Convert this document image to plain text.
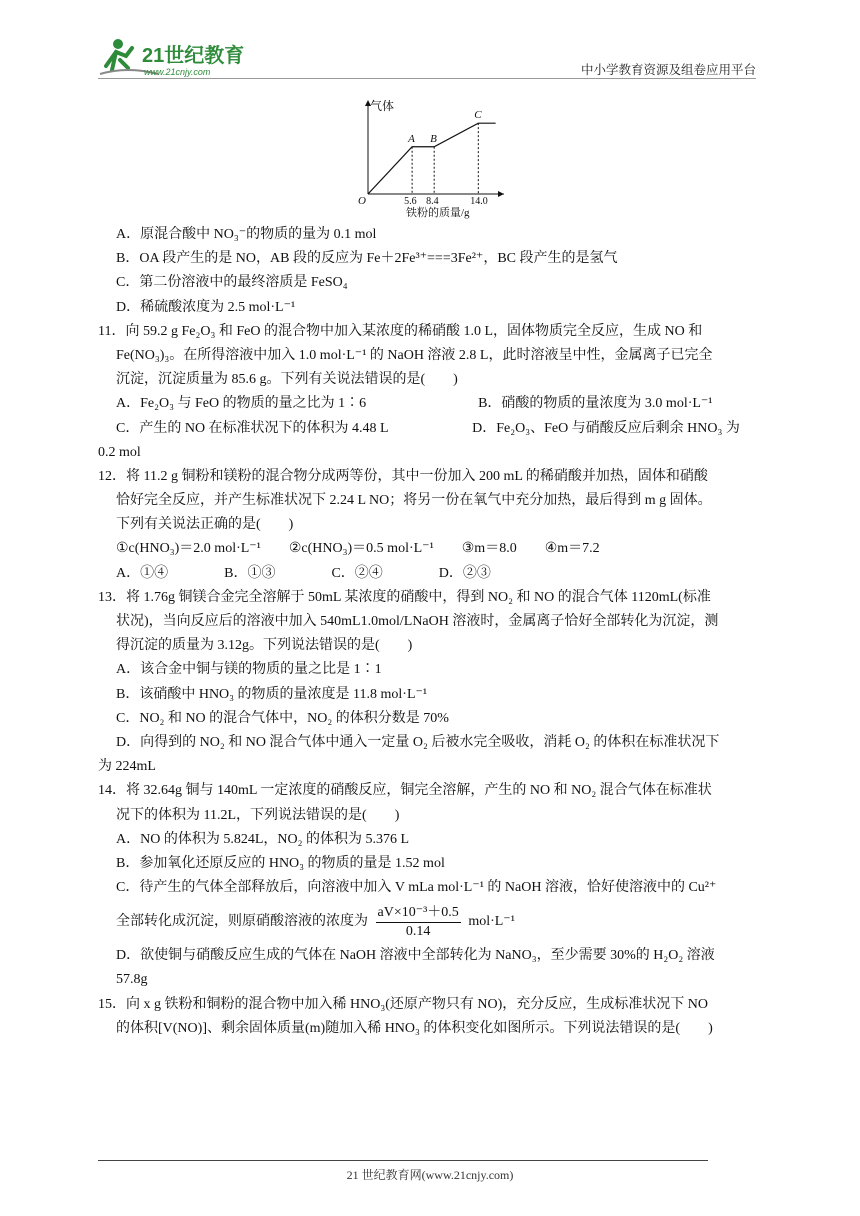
21世纪教育
www.21cnjy.com	中小学教育资源及组卷应用平台
气体
O
A B
C
5.6 8.4	14.0
铁粉的质量/g
A．原混合酸中 NO₃⁻的物质的量为 0.1 mol
B．OA 段产生的是 NO，AB 段的反应为 Fe＋2Fe³⁺===3Fe²⁺，BC 段产生的是氢气
C．第二份溶液中的最终溶质是 FeSO₄
D．稀硫酸浓度为 2.5 mol·L⁻¹
11．向 59.2 g Fe₂O₃ 和 FeO 的混合物中加入某浓度的稀硝酸 1.0 L，固体物质完全反应，生成 NO 和
Fe(NO₃)₃。在所得溶液中加入 1.0 mol·L⁻¹ 的 NaOH 溶液 2.8 L，此时溶液呈中性，金属离子已完全
沉淀，沉淀质量为 85.6 g。下列有关说法错误的是(　　)
A．Fe₂O₃ 与 FeO 的物质的量之比为 1∶6　　　　　　　　B．硝酸的物质的量浓度为 3.0 mol·L⁻¹
C．产生的 NO 在标准状况下的体积为 4.48 L　　　　　　D．Fe₂O₃、FeO 与硝酸反应后剩余 HNO₃ 为
0.2 mol
12．将 11.2 g 铜粉和镁粉的混合物分成两等份，其中一份加入 200 mL 的稀硝酸并加热，固体和硝酸
恰好完全反应，并产生标准状况下 2.24 L NO；将另一份在氧气中充分加热，最后得到 m g 固体。
下列有关说法正确的是(　　)
①c(HNO₃)＝2.0 mol·L⁻¹　　②c(HNO₃)＝0.5 mol·L⁻¹　　③m＝8.0　　④m＝7.2
A．①④　　　　B．①③　　　　C．②④　　　　D．②③
13．将 1.76g 铜镁合金完全溶解于 50mL 某浓度的硝酸中，得到 NO₂ 和 NO 的混合气体 1120mL(标准
状况)，当向反应后的溶液中加入 540mL1.0mol/LNaOH 溶液时，金属离子恰好全部转化为沉淀，测
得沉淀的质量为 3.12g。下列说法错误的是(　　)
A．该合金中铜与镁的物质的量之比是 1∶1
B．该硝酸中 HNO₃ 的物质的量浓度是 11.8 mol·L⁻¹
C．NO₂ 和 NO 的混合气体中，NO₂ 的体积分数是 70%
D．向得到的 NO₂ 和 NO 混合气体中通入一定量 O₂ 后被水完全吸收，消耗 O₂ 的体积在标准状况下
为 224mL
14．将 32.64g 铜与 140mL 一定浓度的硝酸反应，铜完全溶解，产生的 NO 和 NO₂ 混合气体在标准状
况下的体积为 11.2L，下列说法错误的是(　　)
A．NO 的体积为 5.824L，NO₂ 的体积为 5.376 L
B．参加氧化还原反应的 HNO₃ 的物质的量是 1.52 mol
C．待产生的气体全部释放后，向溶液中加入 V mLa mol·L⁻¹ 的 NaOH 溶液，恰好使溶液中的 Cu²⁺
全部转化成沉淀，则原硝酸溶液的浓度为 $\frac{\text{aV×10⁻³＋0.5}}{0.14} mol\cdot L^{-1}$
D．欲使铜与硝酸反应生成的气体在 NaOH 溶液中全部转化为 NaNO₃，至少需要 30%的 H₂O₂ 溶液
57.8g
15．向 x g 铁粉和铜粉的混合物中加入稀 HNO₃(还原产物只有 NO)，充分反应，生成标准状况下 NO
的体积[V(NO)]、剩余固体质量(m)随加入稀 HNO₃ 的体积变化如图所示。下列说法错误的是(　　)
21 世纪教育网(www.21cnjy.com)
